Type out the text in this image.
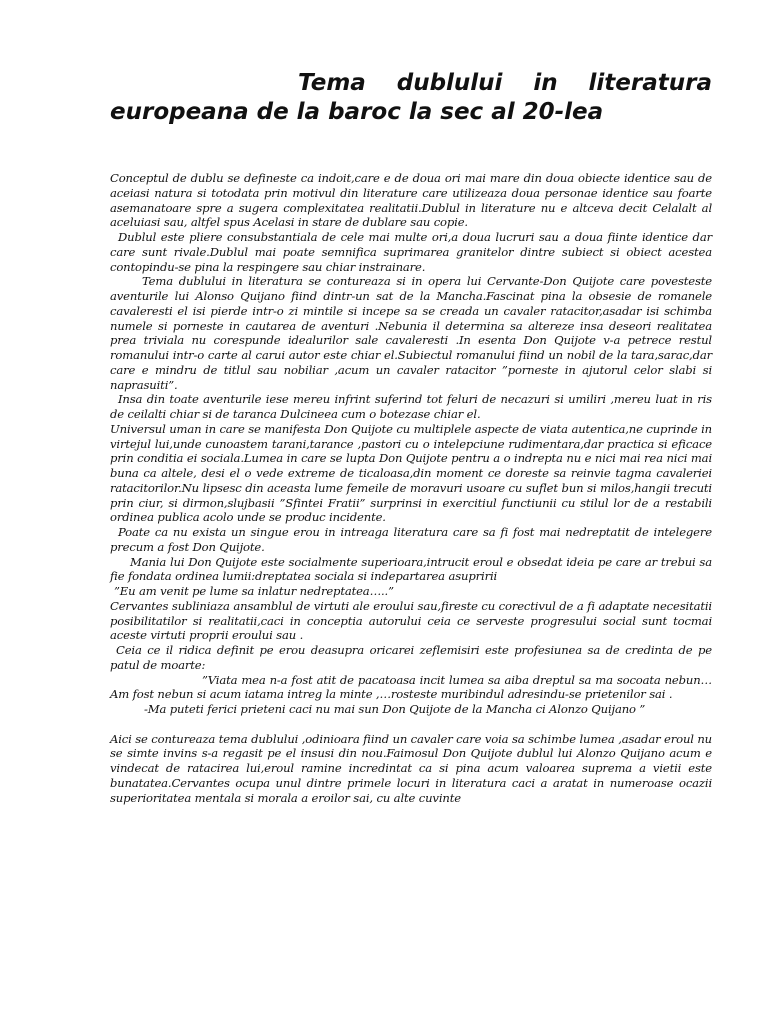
Tema dublului in literatura europeana de la baroc la sec al 20-lea

Conceptul de dublu se defineste ca indoit,care e de doua ori mai mare din doua obiecte identice sau de aceiasi natura si totodata prin motivul din literature care utilizeaza doua personae identice sau foarte asemanatoare spre a sugera complexitatea realitatii.Dublul in literature nu e altceva decit Celalalt al aceluiasi sau, altfel spus Acelasi in stare de dublare sau copie.

Dublul este pliere consubstantiala de cele mai multe ori,a doua lucruri sau a doua fiinte identice dar care sunt rivale.Dublul mai poate semnifica suprimarea granitelor dintre subiect si obiect acestea contopindu-se pina la respingere sau chiar instrainare.

Tema dublului in literatura se contureaza si in opera lui Cervante-Don Quijote care povesteste aventurile lui Alonso Quijano fiind dintr-un sat de la Mancha.Fascinat pina la obsesie de romanele cavaleresti el isi pierde intr-o zi mintile si incepe sa se creada un cavaler ratacitor,asadar isi schimba numele si porneste in cautarea de aventuri .Nebunia il determina sa altereze insa deseori realitatea prea triviala nu corespunde idealurilor sale cavaleresti .In esenta Don Quijote v-a petrece restul romanului intr-o carte al carui autor este chiar el.Subiectul romanului fiind un nobil de la tara,sarac,dar care e mindru de titlul sau nobiliar ,acum un cavaler ratacitor ”porneste in ajutorul celor slabi si naprasuiti”.

Insa din toate aventurile iese mereu infrint suferind tot feluri de necazuri si umiliri ,mereu luat in ris de ceilalti chiar si de taranca Dulcineea cum o botezase chiar el.

Universul uman in care se manifesta Don Quijote cu multiplele aspecte de viata autentica,ne cuprinde in virtejul lui,unde cunoastem tarani,tarance ,pastori cu o intelepciune rudimentara,dar practica si eficace prin conditia ei sociala.Lumea in care se lupta Don Quijote pentru a o indrepta nu e nici mai rea nici mai buna ca altele, desi el o vede extreme de ticaloasa,din moment ce doreste sa reinvie tagma cavaleriei ratacitorilor.Nu lipsesc din aceasta lume femeile de moravuri usoare cu suflet bun si milos,hangii trecuti prin ciur, si dirmon,slujbasii ”Sfintei Fratii” surprinsi in exercitiul functiunii cu stilul lor de a restabili ordinea publica acolo unde se produc incidente.

Poate ca nu exista un singue erou in intreaga literatura care sa fi fost mai nedreptatit de intelegere precum a fost Don Quijote.

Mania lui Don Quijote este socialmente superioara,intrucit eroul e obsedat ideia pe care ar trebui sa fie fondata ordinea lumii:dreptatea sociala si indepartarea asupririi

”Eu am venit pe lume sa inlatur nedreptatea…..”

Cervantes subliniaza ansamblul de virtuti ale eroului sau,fireste cu corectivul de a fi adaptate necesitatii posibilitatilor si realitatii,caci in conceptia autorului ceia ce serveste progresului social sunt tocmai aceste virtuti proprii eroului sau .

Ceia ce il ridica definit pe erou deasupra oricarei zeflemisiri este profesiunea sa de credinta de pe patul de moarte:

”Viata mea n-a fost atit de pacatoasa incit lumea sa aiba dreptul sa ma socoata nebun…Am fost nebun si acum iatama intreg la minte ,…rosteste muribindul adresindu-se prietenilor sai .

-Ma puteti ferici prieteni caci nu mai sun Don Quijote de la Mancha ci Alonzo Quijano ”

Aici se contureaza tema dublului ,odinioara fiind un cavaler care voia sa schimbe lumea ,asadar eroul nu se simte invins s-a regasit pe el insusi din nou.Faimosul Don Quijote dublul lui Alonzo Quijano acum e vindecat de ratacirea lui,eroul ramine incredintat ca si pina acum valoarea suprema a vietii este bunatatea.Cervantes ocupa unul dintre primele locuri in literatura caci a aratat in numeroase ocazii superioritatea mentala si morala a eroilor sai, cu alte cuvinte
